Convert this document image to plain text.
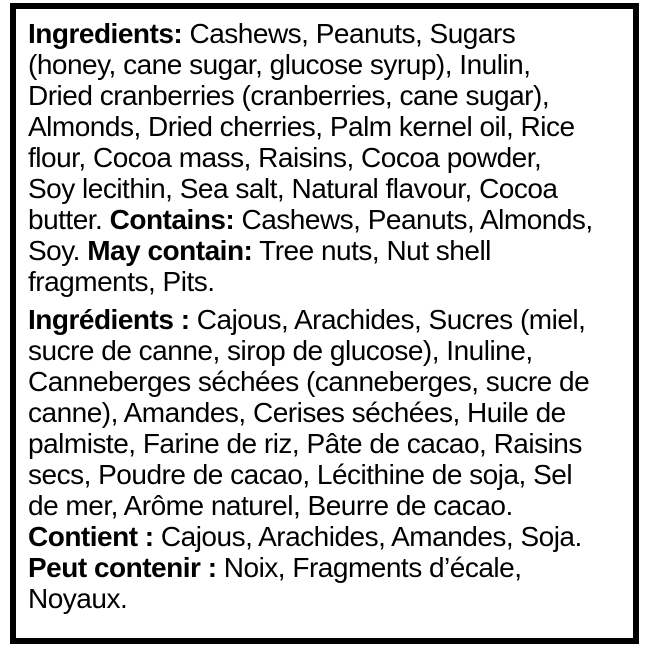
Ingredients: Cashews, Peanuts, Sugars
(honey, cane sugar, glucose syrup), Inulin,
Dried cranberries (cranberries, cane sugar),
Almonds, Dried cherries, Palm kernel oil, Rice
flour, Cocoa mass, Raisins, Cocoa powder,
Soy lecithin, Sea salt, Natural flavour, Cocoa
butter. Contains: Cashews, Peanuts, Almonds,
Soy. May contain: Tree nuts, Nut shell
fragments, Pits.
Ingrédients : Cajous, Arachides, Sucres (miel,
sucre de canne, sirop de glucose), Inuline,
Canneberges séchées (canneberges, sucre de
canne), Amandes, Cerises séchées, Huile de
palmiste, Farine de riz, Pâte de cacao, Raisins
secs, Poudre de cacao, Lécithine de soja, Sel
de mer, Arôme naturel, Beurre de cacao.
Contient : Cajous, Arachides, Amandes, Soja.
Peut contenir : Noix, Fragments d’écale,
Noyaux.
